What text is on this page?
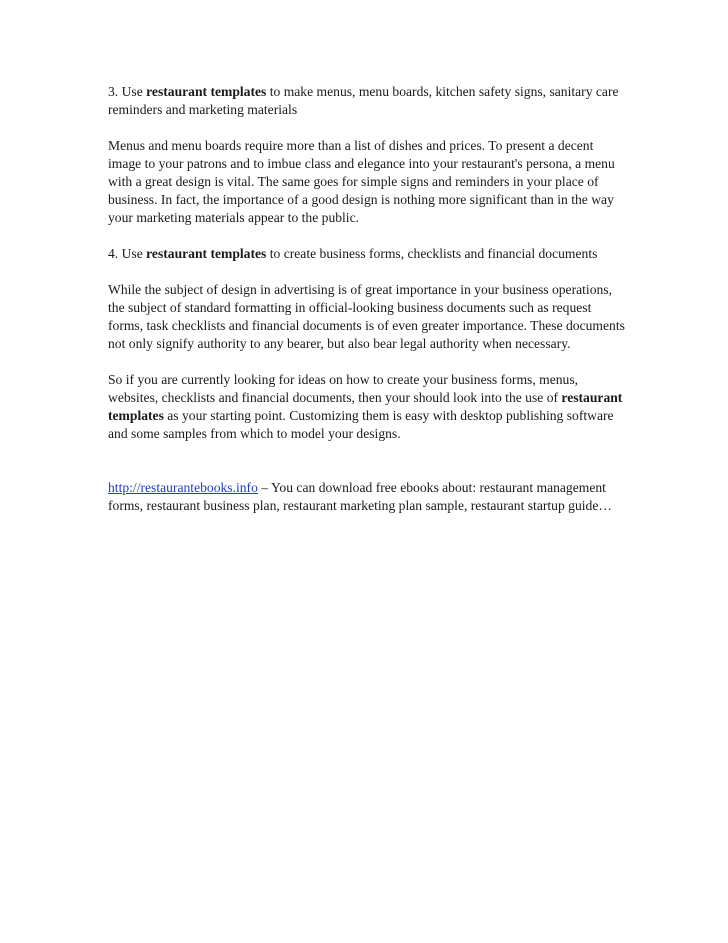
3. Use restaurant templates to make menus, menu boards, kitchen safety signs, sanitary care reminders and marketing materials

Menus and menu boards require more than a list of dishes and prices. To present a decent image to your patrons and to imbue class and elegance into your restaurant's persona, a menu with a great design is vital. The same goes for simple signs and reminders in your place of business. In fact, the importance of a good design is nothing more significant than in the way your marketing materials appear to the public.

4. Use restaurant templates to create business forms, checklists and financial documents

While the subject of design in advertising is of great importance in your business operations, the subject of standard formatting in official-looking business documents such as request forms, task checklists and financial documents is of even greater importance. These documents not only signify authority to any bearer, but also bear legal authority when necessary.

So if you are currently looking for ideas on how to create your business forms, menus, websites, checklists and financial documents, then your should look into the use of restaurant templates as your starting point. Customizing them is easy with desktop publishing software and some samples from which to model your designs.

http://restaurantebooks.info – You can download free ebooks about: restaurant management forms, restaurant business plan, restaurant marketing plan sample, restaurant startup guide…
